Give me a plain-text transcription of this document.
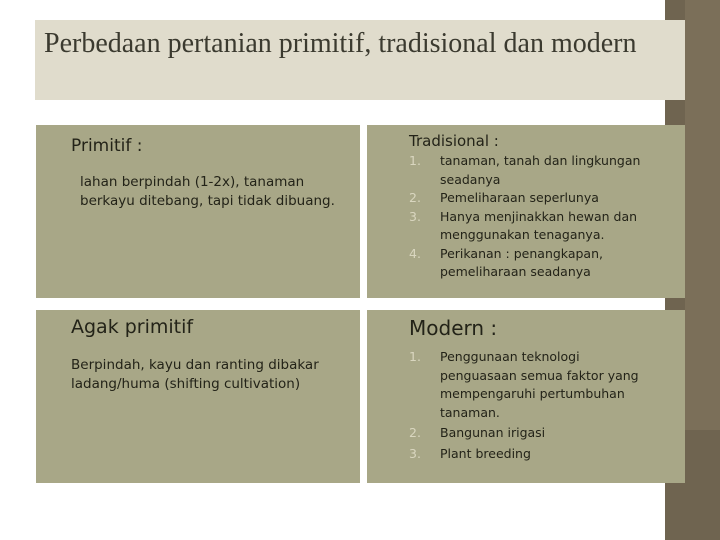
Perbedaan pertanian primitif, tradisional dan modern
Primitif :
lahan berpindah (1-2x), tanaman berkayu ditebang, tapi tidak dibuang.
Tradisional :
1. tanaman, tanah dan lingkungan seadanya
2. Pemeliharaan seperlunya
3. Hanya menjinakkan hewan dan menggunakan tenaganya.
4. Perikanan : penangkapan, pemeliharaan seadanya
Agak primitif
Berpindah, kayu dan ranting dibakar ladang/huma (shifting cultivation)
Modern :
1. Penggunaan teknologi penguasaan semua faktor yang mempengaruhi pertumbuhan tanaman.
2. Bangunan irigasi
3. Plant breeding
